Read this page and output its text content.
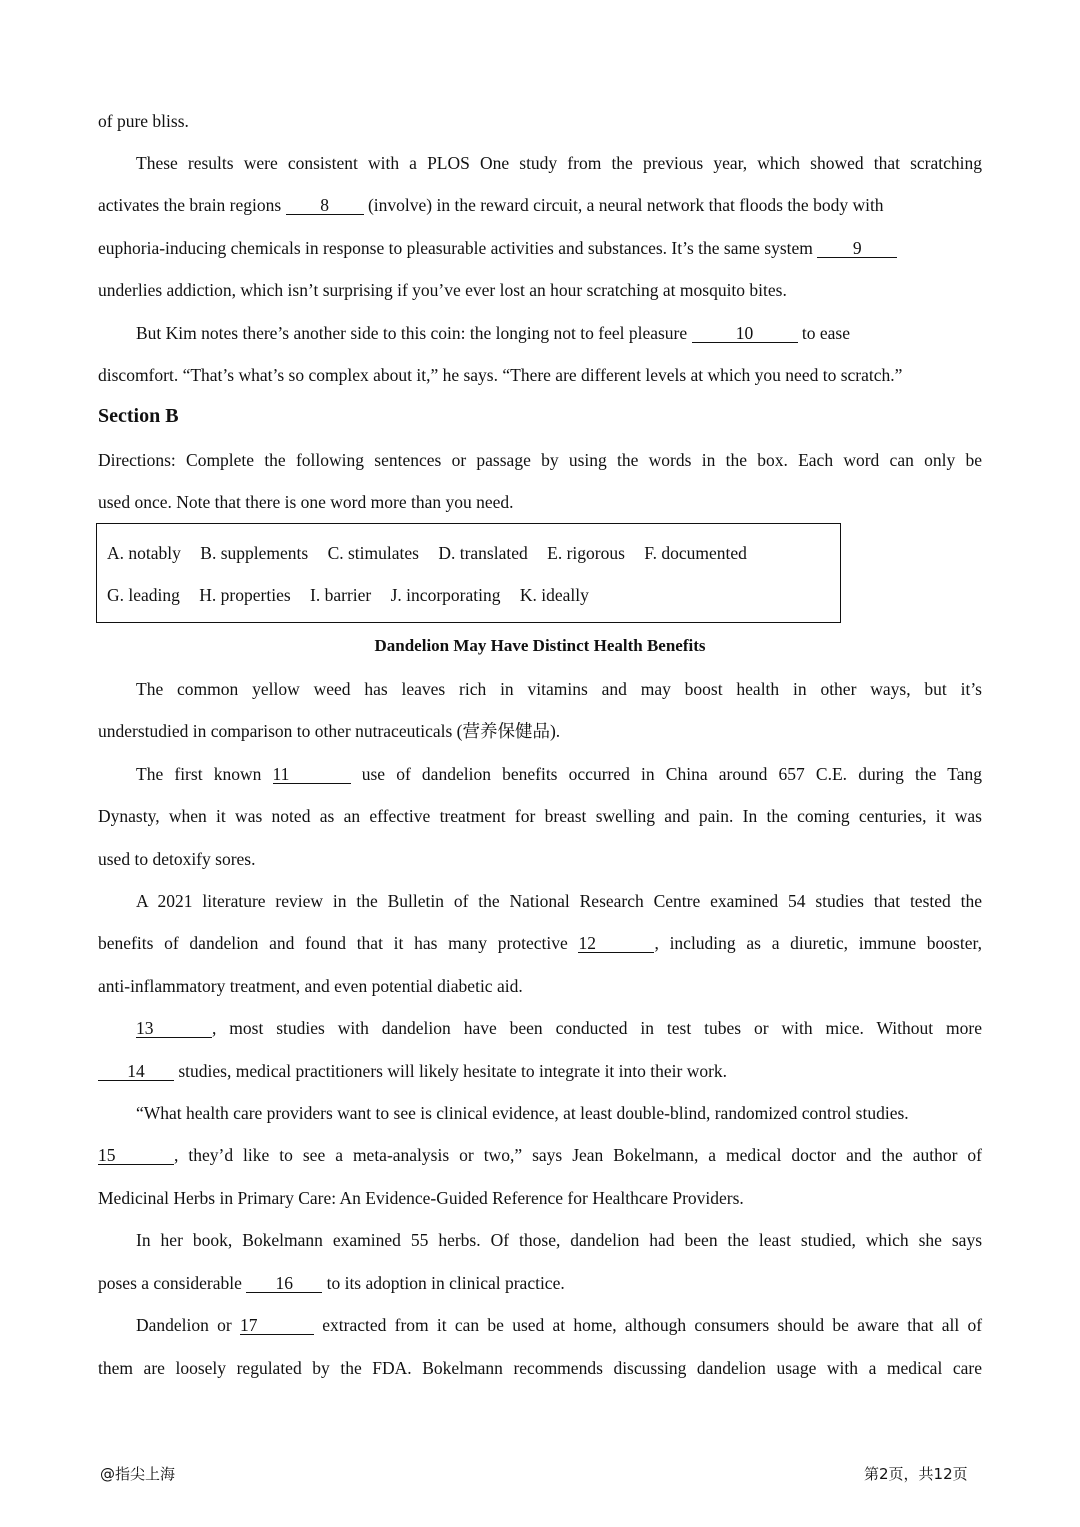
of pure bliss.
These results were consistent with a PLOS One study from the previous year, which showed that scratching
activates the brain regions 8 (involve) in the reward circuit, a neural network that floods the body with
euphoria-inducing chemicals in response to pleasurable activities and substances. It’s the same system 9
underlies addiction, which isn’t surprising if you’ve ever lost an hour scratching at mosquito bites.
But Kim notes there’s another side to this coin: the longing not to feel pleasure	10	to ease
discomfort. “That’s what’s so complex about it,” he says. “There are different levels at which you need to scratch.”
Section B
Directions: Complete the following sentences or passage by using the words in the box. Each word can only be
used once. Note that there is one word more than you need.
A. notably B. supplements C. stimulates D. translated E. rigorous F. documented
G. leading H. properties I. barrier J. incorporating K. ideally
Dandelion May Have Distinct Health Benefits
The common yellow weed has leaves rich in vitamins and may boost health in other ways, but it’s
understudied in comparison to other nutraceuticals (营养保健品).
The first known 11	use of dandelion benefits occurred in China around 657 C.E. during the Tang
Dynasty, when it was noted as an effective treatment for breast swelling and pain. In the coming centuries, it was
used to detoxify sores.
A 2021 literature review in the Bulletin of the National Research Centre examined 54 studies that tested the
benefits of dandelion and found that it has many protective 12	, including as a diuretic, immune booster,
anti-inflammatory treatment, and even potential diabetic aid.
13	, most studies with dandelion have been conducted in test tubes or with mice. Without more
14 studies, medical practitioners will likely hesitate to integrate it into their work.
“What health care providers want to see is clinical evidence, at least double-blind, randomized control studies.
15	, they’d like to see a meta-analysis or two,” says Jean Bokelmann, a medical doctor and the author of
Medicinal Herbs in Primary Care: An Evidence-Guided Reference for Healthcare Providers.
In her book, Bokelmann examined 55 herbs. Of those, dandelion had been the least studied, which she says
poses a considerable 16 to its adoption in clinical practice.
Dandelion or 17	extracted from it can be used at home, although consumers should be aware that all of
them are loosely regulated by the FDA. Bokelmann recommends discussing dandelion usage with a medical care
@指尖上海	第2页，共12页
